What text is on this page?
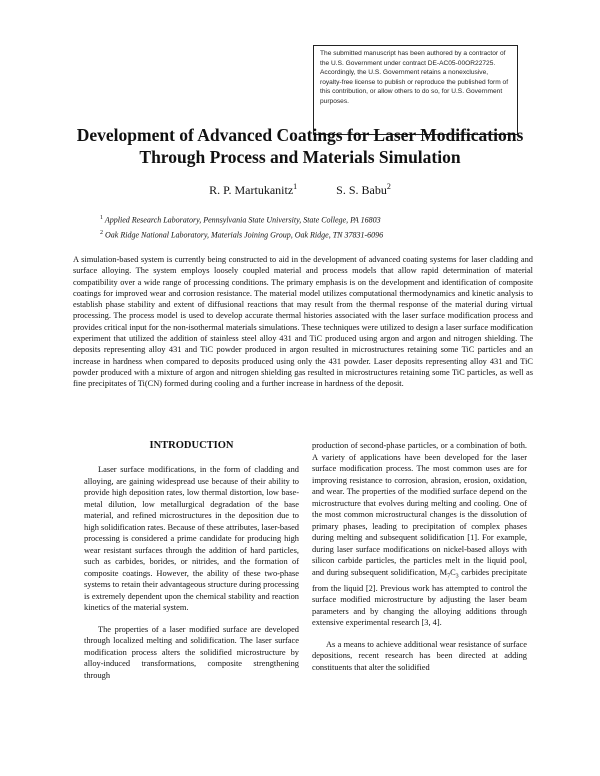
The submitted manuscript has been authored by a contractor of the U.S. Government under contract DE-AC05-00OR22725. Accordingly, the U.S. Government retains a nonexclusive, royalty-free license to publish or reproduce the published form of this contribution, or allow others to do so, for U.S. Government purposes.
Development of Advanced Coatings for Laser Modifications
Through Process and Materials Simulation
R. P. Martukanitz$^1$	S. S. Babu$^2$
$^1$ Applied Research Laboratory, Pennsylvania State University, State College, PA 16803
$^2$ Oak Ridge National Laboratory, Materials Joining Group, Oak Ridge, TN 37831-6096

A simulation-based system is currently being constructed to aid in the development of advanced coating systems for laser cladding and surface alloying. The system employs loosely coupled material and process models that allow rapid determination of material compatibility over a wide range of processing conditions. The primary emphasis is on the development and identification of composite coatings for improved wear and corrosion resistance. The material model utilizes computational thermodynamics and kinetic analysis to establish phase stability and extent of diffusional reactions that may result from the thermal response of the material during virtual processing. The process model is used to develop accurate thermal histories associated with the laser surface modification process and provides critical input for the non-isothermal materials simulations. These techniques were utilized to design a laser surface modification experiment that utilized the addition of stainless steel alloy 431 and TiC produced using argon and argon and nitrogen shielding. The deposits representing alloy 431 and TiC powder produced in argon resulted in microstructures retaining some TiC particles and an increase in hardness when compared to deposits produced using only the 431 powder. Laser deposits representing alloy 431 and TiC powder produced with a mixture of argon and nitrogen shielding gas resulted in microstructures retaining some TiC particles, as well as fine precipitates of Ti(CN) formed during cooling and a further increase in hardness of the deposit.

INTRODUCTION

Laser surface modifications, in the form of cladding and alloying, are gaining widespread use because of their ability to provide high deposition rates, low thermal distortion, low base-metal dilution, low metallurgical degradation of the base material, and refined microstructures in the deposition due to high solidification rates. Because of these attributes, laser-based processing is considered a prime candidate for producing high wear resistant surfaces through the addition of hard particles, such as carbides, borides, or nitrides, and the formation of composite coatings. However, the ability of these two-phase systems to retain their advantageous structure during processing is extremely dependent upon the chemical stability and reaction kinetics of the material system.

The properties of a laser modified surface are developed through localized melting and solidification. The laser surface modification process alters the solidified microstructure by alloy-induced transformations, composite strengthening through

production of second-phase particles, or a combination of both. A variety of applications have been developed for the laser surface modification process. The most common uses are for improving resistance to corrosion, abrasion, erosion, oxidation, and wear. The properties of the modified surface depend on the microstructure that evolves during melting and cooling. One of the most common microstructural changes is the dissolution of primary phases, leading to precipitation of complex phases during melting and subsequent solidification [1]. For example, during laser surface modifications on nickel-based alloys with silicon carbide particles, the particles melt in the liquid pool, and during subsequent solidification, $M_7C_3$ carbides precipitate from the liquid [2]. Previous work has attempted to control the surface modified microstructure by adjusting the laser beam parameters and by changing the alloying additions through extensive experimental research [3, 4].

As a means to achieve additional wear resistance of surface depositions, recent research has been directed at adding constituents that alter the solidified
